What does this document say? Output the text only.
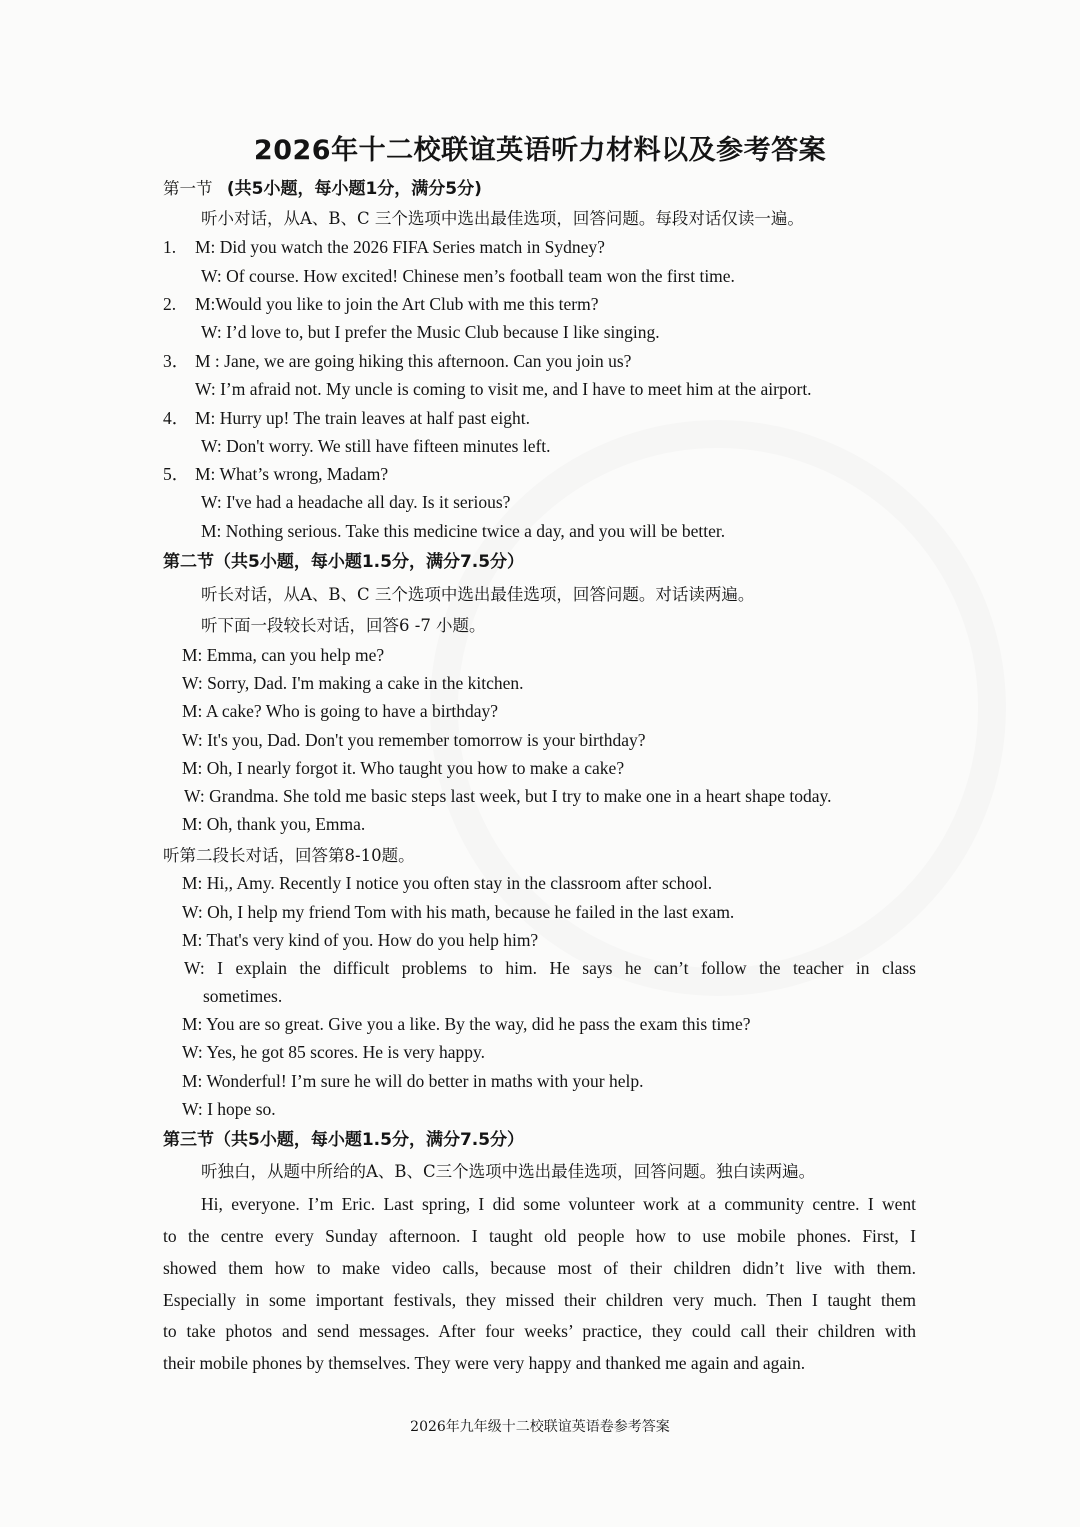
2026年十二校联谊英语听力材料以及参考答案
第一节 (共5小题，每小题1分，满分5分)
听小对话，从A、B、C 三个选项中选出最佳选项，回答问题。每段对话仅读一遍。
1. M: Did you watch the 2026 FIFA Series match in Sydney?
W: Of course. How excited! Chinese men’s football team won the first time.
2. M:Would you like to join the Art Club with me this term?
W: I’d love to, but I prefer the Music Club because I like singing.
3． M : Jane, we are going hiking this afternoon. Can you join us?
W: I’m afraid not. My uncle is coming to visit me, and I have to meet him at the airport.
4． M: Hurry up! The train leaves at half past eight.
W: Don't worry. We still have fifteen minutes left.
5． M: What’s wrong, Madam?
W: I've had a headache all day. Is it serious?
M: Nothing serious. Take this medicine twice a day, and you will be better.
第二节（共5小题，每小题1.5分，满分7.5分）
听长对话，从A、B、C 三个选项中选出最佳选项，回答问题。对话读两遍。
听下面一段较长对话，回答6 -7 小题。
M: Emma, can you help me?
W: Sorry, Dad. I'm making a cake in the kitchen.
M: A cake? Who is going to have a birthday?
W: It's you, Dad. Don't you remember tomorrow is your birthday?
M: Oh, I nearly forgot it. Who taught you how to make a cake?
W: Grandma. She told me basic steps last week, but I try to make one in a heart shape today.
M: Oh, thank you, Emma.
听第二段长对话，回答第8-10题。
M: Hi,, Amy. Recently I notice you often stay in the classroom after school.
W: Oh, I help my friend Tom with his math, because he failed in the last exam.
M: That's very kind of you. How do you help him?
W: I explain the difficult problems to him. He says he can’t follow the teacher in class
sometimes.
M: You are so great. Give you a like. By the way, did he pass the exam this time?
W: Yes, he got 85 scores. He is very happy.
M: Wonderful! I’m sure he will do better in maths with your help.
W: I hope so.
第三节（共5小题，每小题1.5分，满分7.5分）
听独白，从题中所给的A、B、C三个选项中选出最佳选项，回答问题。独白读两遍。
Hi, everyone. I’m Eric. Last spring, I did some volunteer work at a community centre. I went
to the centre every Sunday afternoon. I taught old people how to use mobile phones. First, I
showed them how to make video calls, because most of their children didn’t live with them.
Especially in some important festivals, they missed their children very much. Then I taught them
to take photos and send messages. After four weeks’ practice, they could call their children with
their mobile phones by themselves. They were very happy and thanked me again and again.
2026年九年级十二校联谊英语卷参考答案
